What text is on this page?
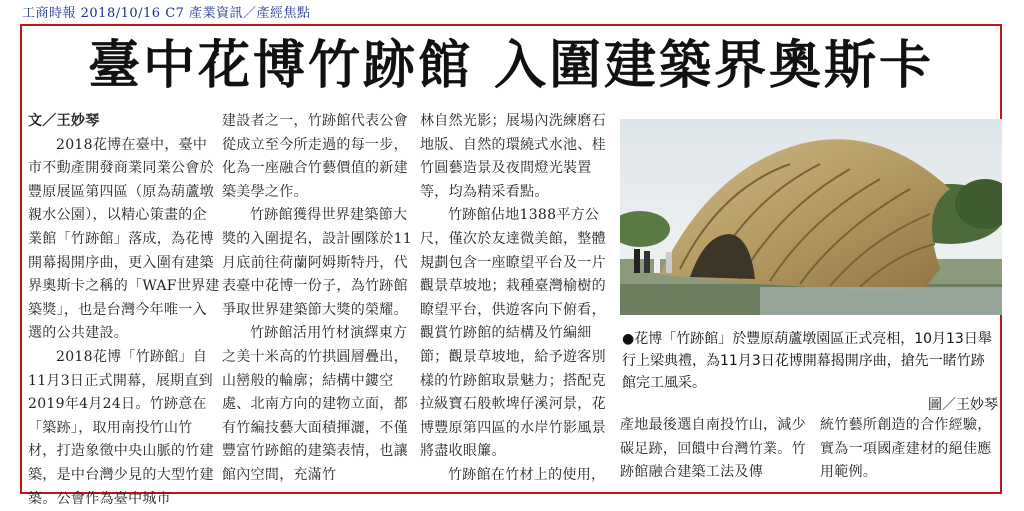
工商時報 2018/10/16 C7 產業資訊／產經焦點
臺中花博竹跡館 入圍建築界奧斯卡

文／王妙琴

2018花博在臺中，臺中市不動產開發商業同業公會於豐原展區第四區（原為葫蘆墩親水公園），以精心策畫的企業館「竹跡館」落成，為花博開幕揭開序曲，更入圍有建築界奧斯卡之稱的「WAF世界建築獎」，也是台灣今年唯一入選的公共建設。

2018花博「竹跡館」自11月3日正式開幕，展期直到2019年4月24日。竹跡意在「築跡」，取用南投竹山竹材，打造象徵中央山脈的竹建築，是中台灣少見的大型竹建築。公會作為臺中城市

建設者之一，竹跡館代表公會從成立至今所走過的每一步，化為一座融合竹藝價值的新建築美學之作。

竹跡館獲得世界建築節大獎的入圍提名，設計團隊於11月底前往荷蘭阿姆斯特丹，代表臺中花博一份子，為竹跡館爭取世界建築節大獎的榮耀。

竹跡館活用竹材演繹東方之美十米高的竹拱圓層疊出，山巒般的輪廓；結構中鏤空處、北南方向的建物立面，都有竹編技藝大面積揮灑，不僅豐富竹跡館的建築表情，也讓館內空間，充滿竹

林自然光影；展場內洗練磨石地版、自然的環繞式水池、桂竹圓藝造景及夜間燈光裝置等，均為精采看點。

竹跡館佔地1388平方公尺，僅次於友達微美館，整體規劃包含一座瞭望平台及一片觀景草坡地；栽種臺灣榆樹的瞭望平台，供遊客向下俯看，觀賞竹跡館的結構及竹編細節；觀景草坡地，給予遊客別樣的竹跡館取景魅力；搭配克拉級寶石般軟埤仔溪河景，花博豐原第四區的水岸竹影風景將盡收眼簾。

竹跡館在竹材上的使用，

●花博「竹跡館」於豐原葫蘆墩園區正式亮相，10月13日舉行上梁典禮，為11月3日花博開幕揭開序曲，搶先一睹竹跡館完工風采。

圖／王妙琴

產地最後選自南投竹山，減少碳足跡，回饋中台灣竹業。竹跡館融合建築工法及傳

統竹藝所創造的合作經驗，實為一項國產建材的絕佳應用範例。
